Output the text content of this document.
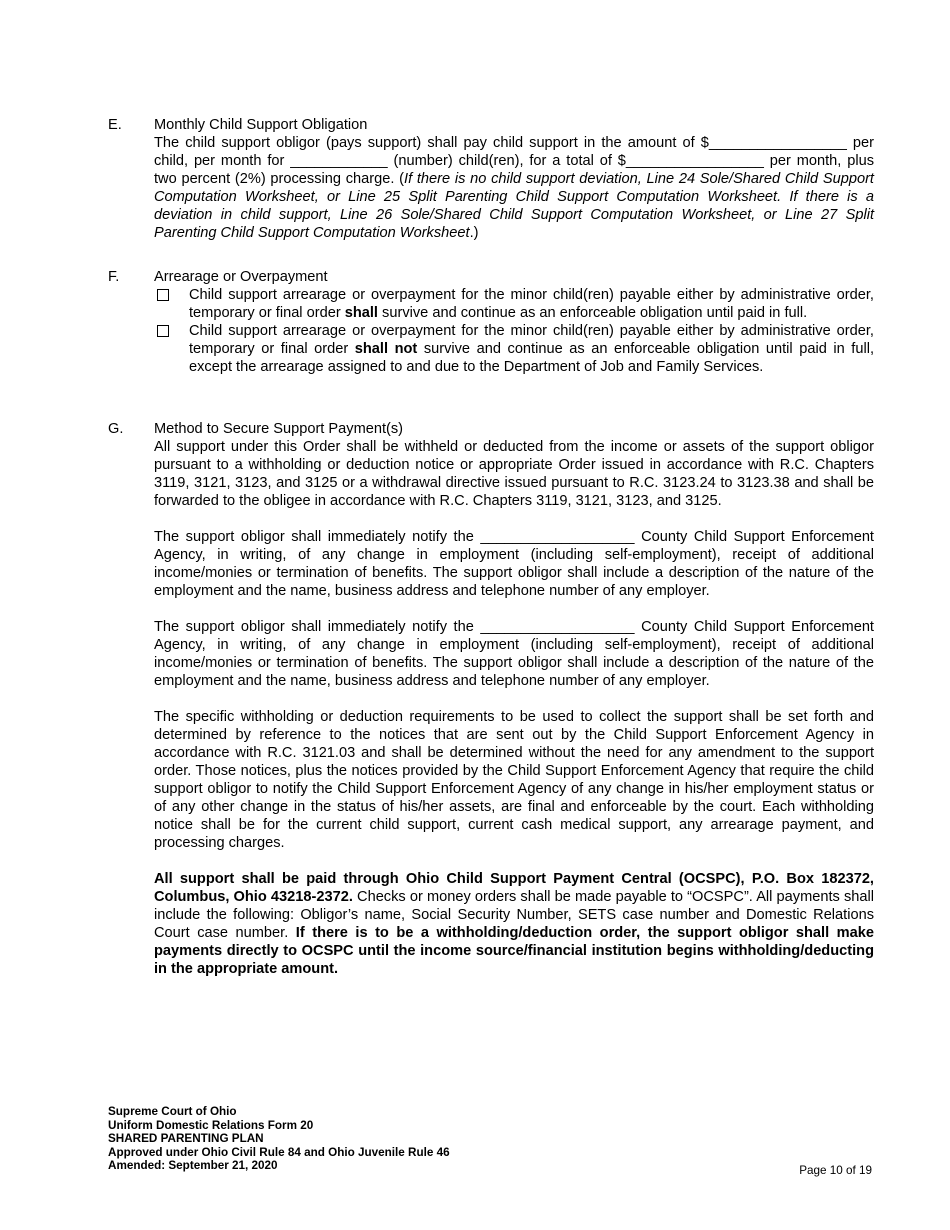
E. Monthly Child Support Obligation
The child support obligor (pays support) shall pay child support in the amount of $_________________ per child, per month for ____________ (number) child(ren), for a total of $_________________ per month, plus two percent (2%) processing charge. (If there is no child support deviation, Line 24 Sole/Shared Child Support Computation Worksheet, or Line 25 Split Parenting Child Support Computation Worksheet. If there is a deviation in child support, Line 26 Sole/Shared Child Support Computation Worksheet, or Line 27 Split Parenting Child Support Computation Worksheet.)
F. Arrearage or Overpayment
Child support arrearage or overpayment for the minor child(ren) payable either by administrative order, temporary or final order shall survive and continue as an enforceable obligation until paid in full.
Child support arrearage or overpayment for the minor child(ren) payable either by administrative order, temporary or final order shall not survive and continue as an enforceable obligation until paid in full, except the arrearage assigned to and due to the Department of Job and Family Services.
G. Method to Secure Support Payment(s)
All support under this Order shall be withheld or deducted from the income or assets of the support obligor pursuant to a withholding or deduction notice or appropriate Order issued in accordance with R.C. Chapters 3119, 3121, 3123, and 3125 or a withdrawal directive issued pursuant to R.C. 3123.24 to 3123.38 and shall be forwarded to the obligee in accordance with R.C. Chapters 3119, 3121, 3123, and 3125.
The support obligor shall immediately notify the ___________________ County Child Support Enforcement Agency, in writing, of any change in employment (including self-employment), receipt of additional income/monies or termination of benefits. The support obligor shall include a description of the nature of the employment and the name, business address and telephone number of any employer.
The support obligor shall immediately notify the ___________________ County Child Support Enforcement Agency, in writing, of any change in employment (including self-employment), receipt of additional income/monies or termination of benefits. The support obligor shall include a description of the nature of the employment and the name, business address and telephone number of any employer.
The specific withholding or deduction requirements to be used to collect the support shall be set forth and determined by reference to the notices that are sent out by the Child Support Enforcement Agency in accordance with R.C. 3121.03 and shall be determined without the need for any amendment to the support order. Those notices, plus the notices provided by the Child Support Enforcement Agency that require the child support obligor to notify the Child Support Enforcement Agency of any change in his/her employment status or of any other change in the status of his/her assets, are final and enforceable by the court. Each withholding notice shall be for the current child support, current cash medical support, any arrearage payment, and processing charges.
All support shall be paid through Ohio Child Support Payment Central (OCSPC), P.O. Box 182372, Columbus, Ohio 43218-2372. Checks or money orders shall be made payable to “OCSPC”. All payments shall include the following: Obligor’s name, Social Security Number, SETS case number and Domestic Relations Court case number. If there is to be a withholding/deduction order, the support obligor shall make payments directly to OCSPC until the income source/financial institution begins withholding/deducting in the appropriate amount.
Supreme Court of Ohio
Uniform Domestic Relations Form 20
SHARED PARENTING PLAN
Approved under Ohio Civil Rule 84 and Ohio Juvenile Rule 46
Amended: September 21, 2020	Page 10 of 19
